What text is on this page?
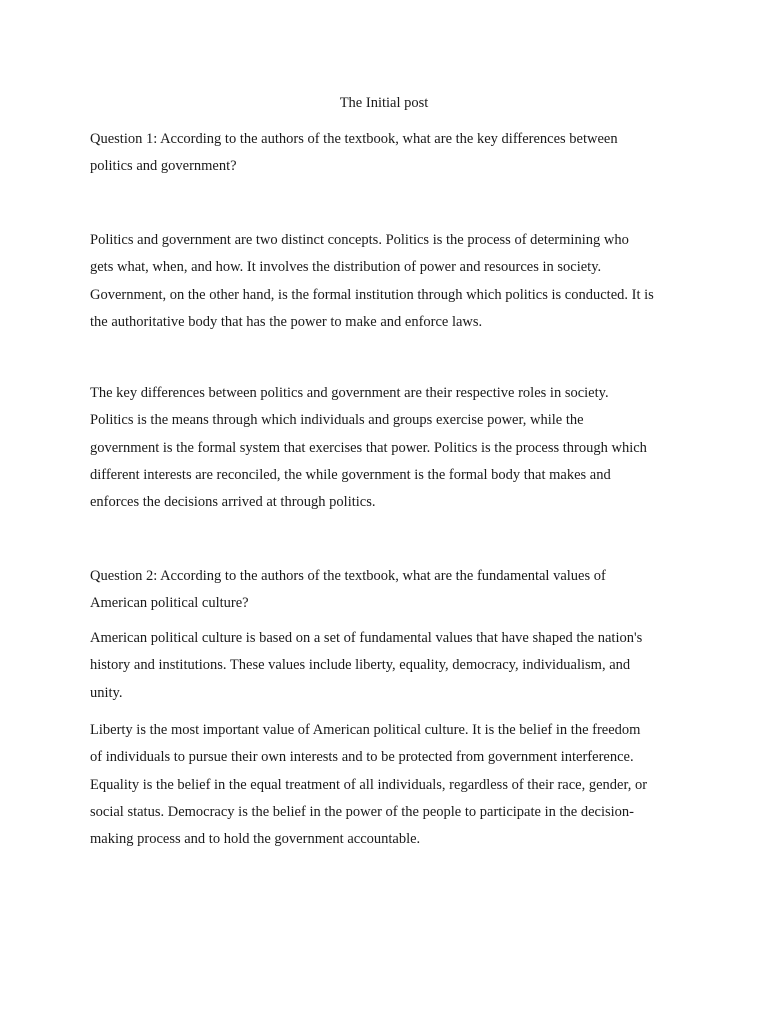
The Initial post

Question 1: According to the authors of the textbook, what are the key differences between
politics and government?

Politics and government are two distinct concepts. Politics is the process of determining who
gets what, when, and how. It involves the distribution of power and resources in society.
Government, on the other hand, is the formal institution through which politics is conducted. It is
the authoritative body that has the power to make and enforce laws.

The key differences between politics and government are their respective roles in society.
Politics is the means through which individuals and groups exercise power, while the
government is the formal system that exercises that power. Politics is the process through which
different interests are reconciled, the while government is the formal body that makes and
enforces the decisions arrived at through politics.

Question 2: According to the authors of the textbook, what are the fundamental values of
American political culture?

American political culture is based on a set of fundamental values that have shaped the nation's
history and institutions. These values include liberty, equality, democracy, individualism, and
unity.

Liberty is the most important value of American political culture. It is the belief in the freedom
of individuals to pursue their own interests and to be protected from government interference.
Equality is the belief in the equal treatment of all individuals, regardless of their race, gender, or
social status. Democracy is the belief in the power of the people to participate in the decision-
making process and to hold the government accountable.
